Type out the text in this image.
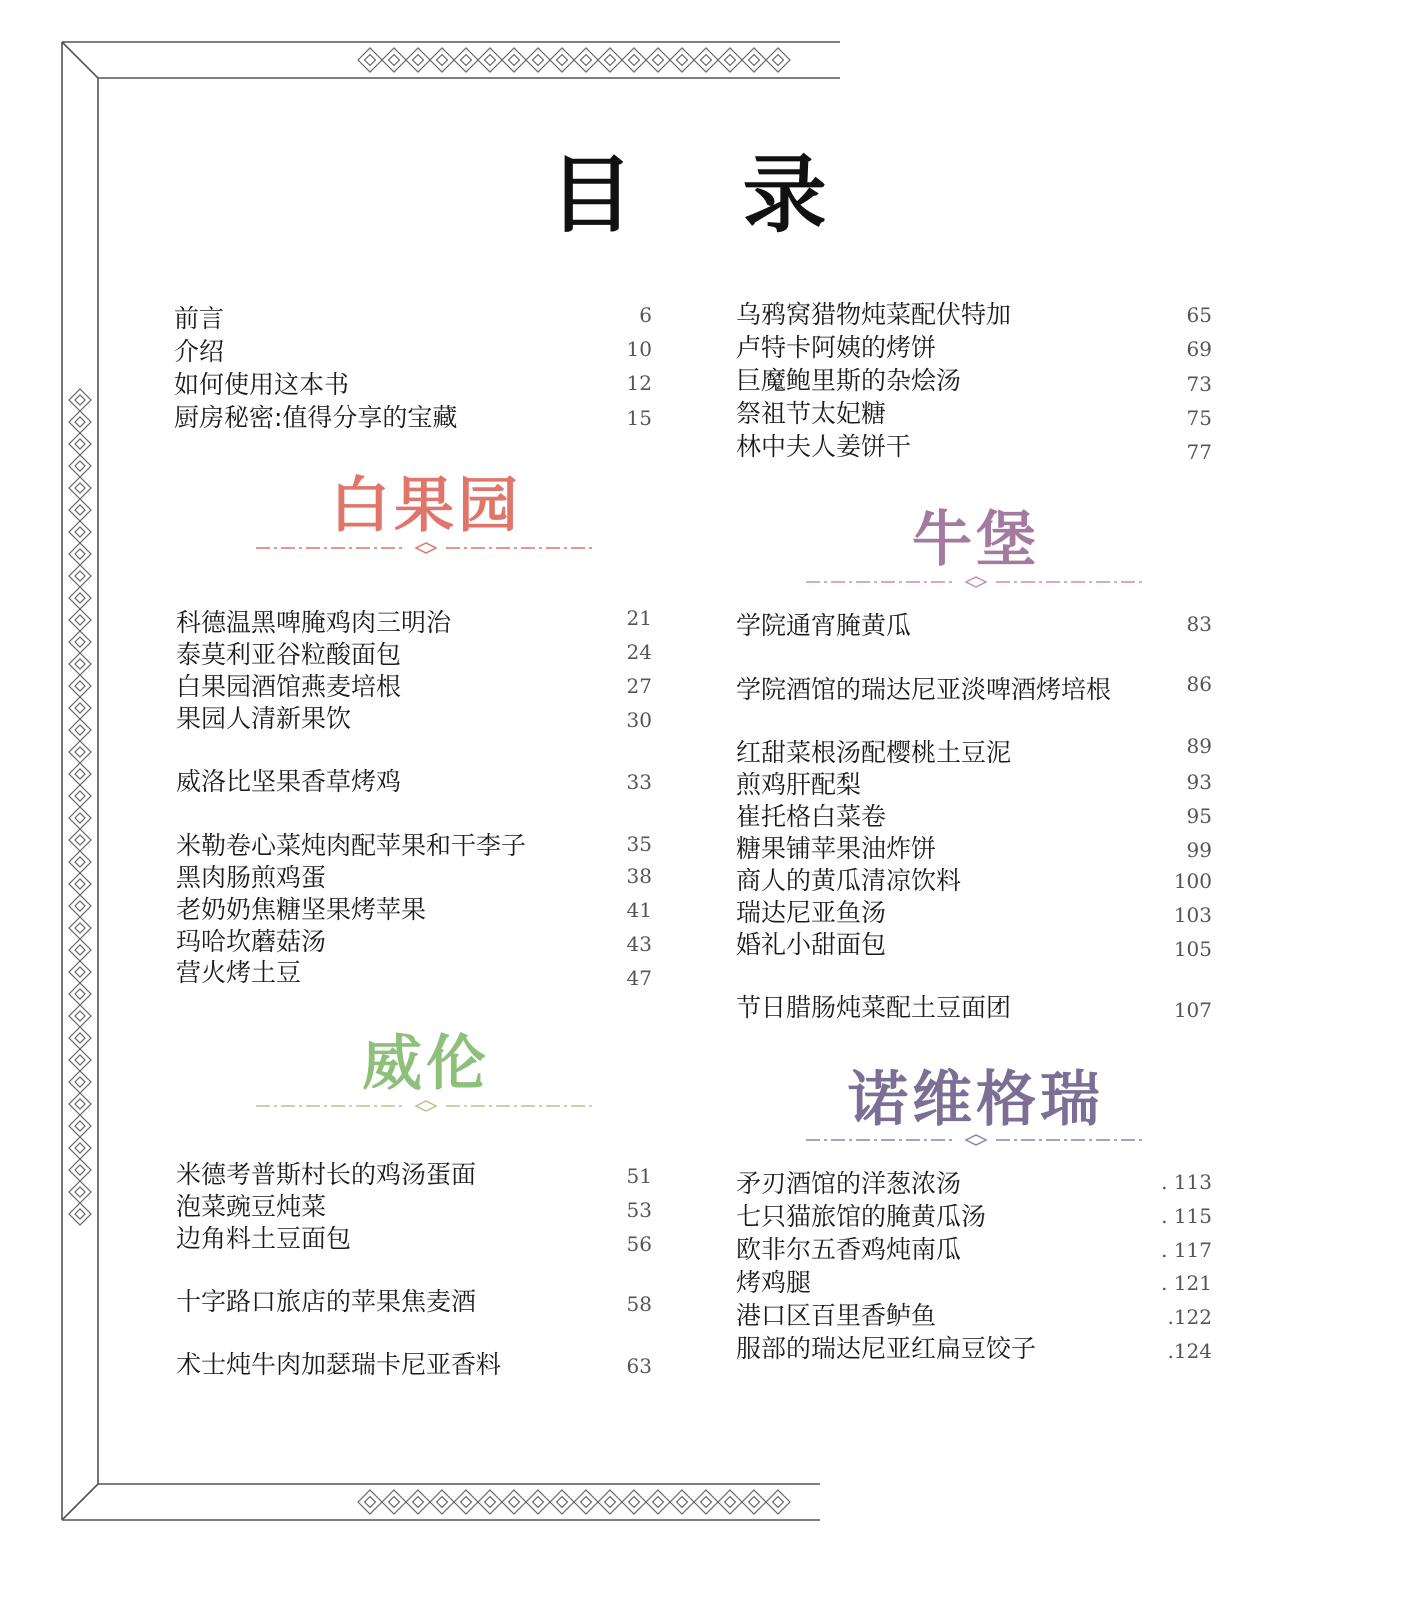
目 录
前言	6
介绍	10
如何使用这本书	12
厨房秘密:值得分享的宝藏	15
白果园
科德温黑啤腌鸡肉三明治	21
泰莫利亚谷粒酸面包	24
白果园酒馆燕麦培根	27
果园人清新果饮	30
威洛比坚果香草烤鸡	33
米勒卷心菜炖肉配苹果和干李子	35
黑肉肠煎鸡蛋	38
老奶奶焦糖坚果烤苹果	41
玛哈坎蘑菇汤	43
营火烤土豆	47
威伦
米德考普斯村长的鸡汤蛋面	51
泡菜豌豆炖菜	53
边角料土豆面包	56
十字路口旅店的苹果焦麦酒	58
术士炖牛肉加瑟瑞卡尼亚香料	63
乌鸦窝猎物炖菜配伏特加	65
卢特卡阿姨的烤饼	69
巨魔鲍里斯的杂烩汤	73
祭祖节太妃糖	75
林中夫人姜饼干	77
牛堡
学院通宵腌黄瓜	83
学院酒馆的瑞达尼亚淡啤酒烤培根	86
红甜菜根汤配樱桃土豆泥	89
煎鸡肝配梨	93
崔托格白菜卷	95
糖果铺苹果油炸饼	99
商人的黄瓜清凉饮料	100
瑞达尼亚鱼汤	103
婚礼小甜面包	105
节日腊肠炖菜配土豆面团	107
诺维格瑞
矛刃酒馆的洋葱浓汤	. 113
七只猫旅馆的腌黄瓜汤	. 115
欧非尔五香鸡炖南瓜	. 117
烤鸡腿	. 121
港口区百里香鲈鱼	.122
服部的瑞达尼亚红扁豆饺子	.124
